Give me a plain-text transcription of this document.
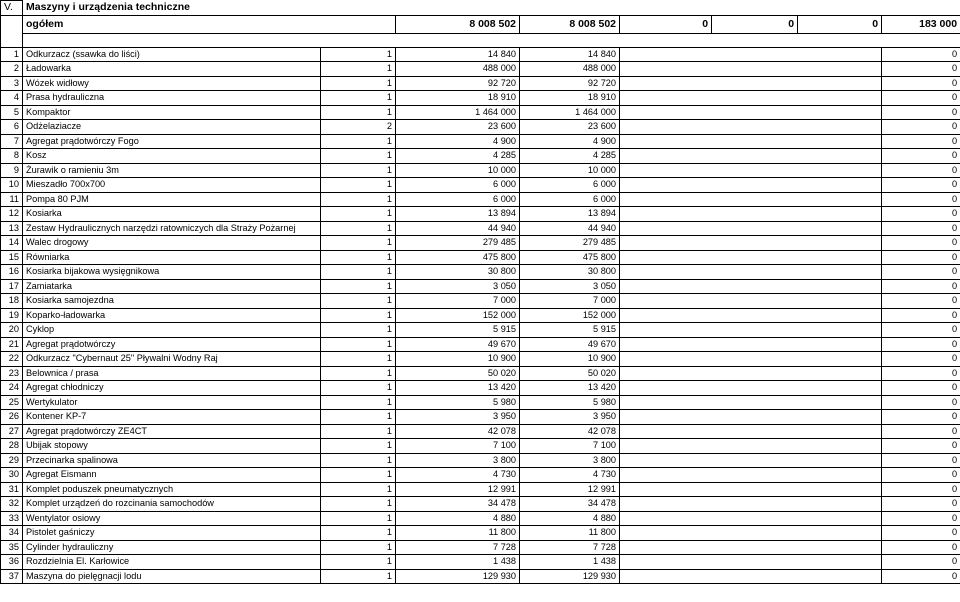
V.	Maszyny i urządzenia techniczne							
	ogółem		8 008 502	8 008 502	0	0	0	183 000

1	Odkurzacz (ssawka do liści)	1	14 840	14 840				0
2	Ładowarka	1	488 000	488 000				0
3	Wózek widłowy	1	92 720	92 720				0
4	Prasa hydrauliczna	1	18 910	18 910				0
5	Kompaktor	1	1 464 000	1 464 000				0
6	Odżelaziacze	2	23 600	23 600				0
7	Agregat prądotwórczy Fogo	1	4 900	4 900				0
8	Kosz	1	4 285	4 285				0
9	Żurawik o ramieniu 3m	1	10 000	10 000				0
10	Mieszadło 700x700	1	6 000	6 000				0
11	Pompa 80 PJM	1	6 000	6 000				0
12	Kosiarka	1	13 894	13 894				0
13	Zestaw Hydraulicznych narzędzi ratowniczych dla Straży Pożarnej	1	44 940	44 940				0
14	Walec drogowy	1	279 485	279 485				0
15	Równiarka	1	475 800	475 800				0
16	Kosiarka bijakowa wysięgnikowa	1	30 800	30 800				0
17	Zamiatarka	1	3 050	3 050				0
18	Kosiarka samojezdna	1	7 000	7 000				0
19	Koparko-ładowarka	1	152 000	152 000				0
20	Cyklop	1	5 915	5 915				0
21	Agregat prądotwórczy	1	49 670	49 670				0
22	Odkurzacz "Cybernaut 25" Pływalni Wodny Raj	1	10 900	10 900				0
23	Belownica / prasa	1	50 020	50 020				0
24	Agregat chłodniczy	1	13 420	13 420				0
25	Wertykulator	1	5 980	5 980				0
26	Kontener KP-7	1	3 950	3 950				0
27	Agregat prądotwórczy ZE4CT	1	42 078	42 078				0
28	Ubijak stopowy	1	7 100	7 100				0
29	Przecinarka spalinowa	1	3 800	3 800				0
30	Agregat Eismann	1	4 730	4 730				0
31	Komplet poduszek pneumatycznych	1	12 991	12 991				0
32	Komplet urządzeń do rozcinania samochodów	1	34 478	34 478				0
33	Wentylator osiowy	1	4 880	4 880				0
34	Pistolet gaśniczy	1	11 800	11 800				0
35	Cylinder hydrauliczny	1	7 728	7 728				0
36	Rozdzielnia El. Karłowice	1	1 438	1 438				0
37	Maszyna do pielęgnacji lodu	1	129 930	129 930				0
